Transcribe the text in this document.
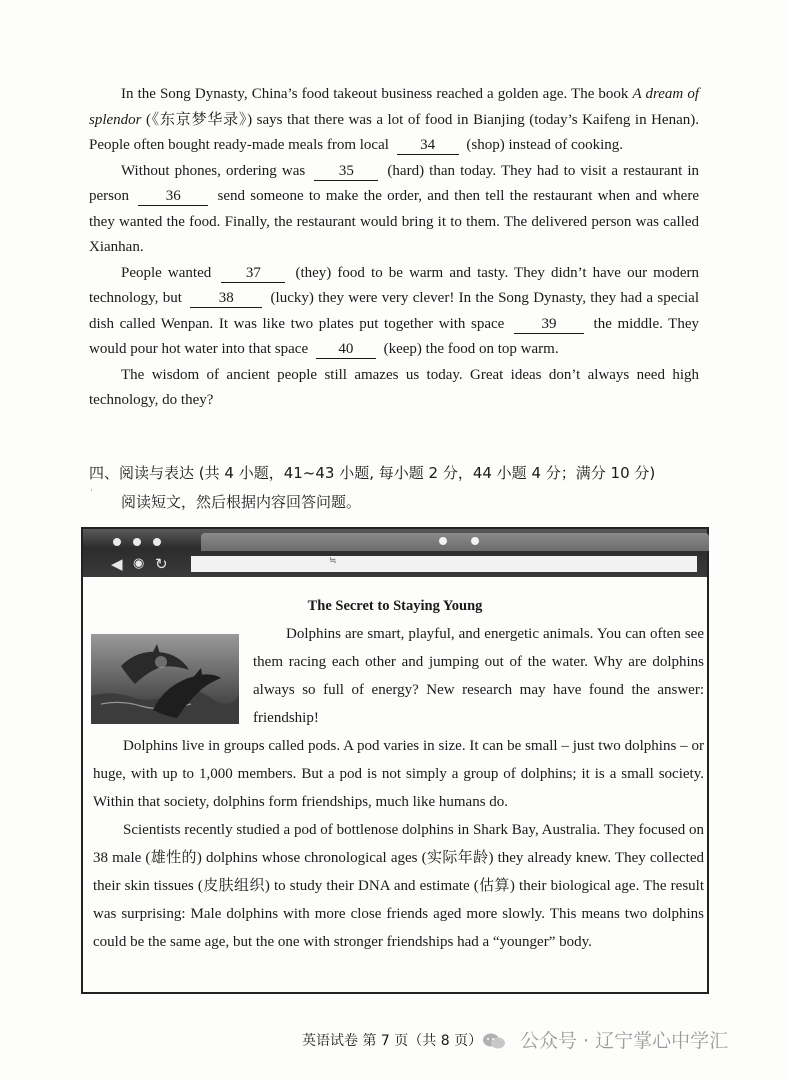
In the Song Dynasty, China’s food takeout business reached a golden age. The book A dream of splendor (《东京梦华录》) says that there was a lot of food in Bianjing (today’s Kaifeng in Henan). People often bought ready-made meals from local 34 (shop) instead of cooking.

Without phones, ordering was 35 (hard) than today. They had to visit a restaurant in person 36 send someone to make the order, and then tell the restaurant when and where they wanted the food. Finally, the restaurant would bring it to them. The delivered person was called Xianhan.

People wanted 37 (they) food to be warm and tasty. They didn’t have our modern technology, but 38 (lucky) they were very clever! In the Song Dynasty, they had a special dish called Wenpan. It was like two plates put together with space 39 the middle. They would pour hot water into that space 40 (keep) the food on top warm.

The wisdom of ancient people still amazes us today. Great ideas don’t always need high technology, do they?

四、阅读与表达 (共 4 小题，41~43 小题, 每小题 2 分，44 小题 4 分；满分 10 分)
‘
阅读短文，然后根据内容回答问题。
◀ ◉ ↻	≒
The Secret to Staying Young

Dolphins are smart, playful, and energetic animals. You can often see them racing each other and jumping out of the water. Why are dolphins always so full of energy? New research may have found the answer: friendship!

Dolphins live in groups called pods. A pod varies in size. It can be small – just two dolphins – or huge, with up to 1,000 members. But a pod is not simply a group of dolphins; it is a small society. Within that society, dolphins form friendships, much like humans do.

Scientists recently studied a pod of bottlenose dolphins in Shark Bay, Australia. They focused on 38 male (雄性的) dolphins whose chronological ages (实际年龄) they already knew. They collected their skin tissues (皮肤组织) to study their DNA and estimate (估算) their biological age. The result was surprising: Male dolphins with more close friends aged more slowly. This means two dolphins could be the same age, but the one with stronger friendships had a “younger” body.

英语试卷 第 7 页（共 8 页） 公众号 · 辽宁掌心中学汇
